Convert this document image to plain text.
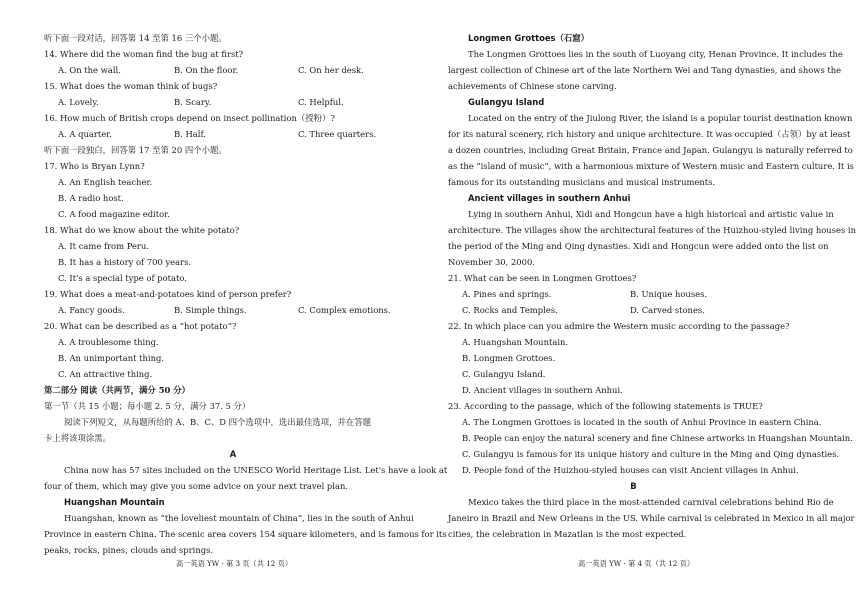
听下面一段对话，回答第 14 至第 16 三个小题。
14. Where did the woman find the bug at first?
A. On the wall.	B. On the floor.	C. On her desk.
15. What does the woman think of bugs?
A. Lovely.	B. Scary.	C. Helpful.
16. How much of British crops depend on insect pollination（授粉）?
A. A quarter.	B. Half.	C. Three quarters.
听下面一段独白，回答第 17 至第 20 四个小题。
17. Who is Bryan Lynn?
A. An English teacher.
B. A radio host.
C. A food magazine editor.
18. What do we know about the white potato?
A. It came from Peru.
B. It has a history of 700 years.
C. It's a special type of potato.
19. What does a meat-and-potatoes kind of person prefer?
A. Fancy goods.	B. Simple things.	C. Complex emotions.
20. What can be described as a “hot potato”?
A. A troublesome thing.
B. An unimportant thing.
C. An attractive thing.
第二部分 阅读（共两节，满分 50 分）
第一节（共 15 小题；每小题 2. 5 分，满分 37. 5 分）
阅读下列短文，从每题所给的 A、B、C、D 四个选项中，选出最佳选项，并在答题
卡上将该项涂黑。
A
China now has 57 sites included on the UNESCO World Heritage List. Let's have a look at
four of them, which may give you some advice on your next travel plan.
Huangshan Mountain
Huangshan, known as “the loveliest mountain of China”, lies in the south of Anhui
Province in eastern China. The scenic area covers 154 square kilometers, and is famous for its
peaks, rocks, pines, clouds and springs.
高一英语 YW · 第 3 页（共 12 页）
Longmen Grottoes（石窟）
The Longmen Grottoes lies in the south of Luoyang city, Henan Province. It includes the
largest collection of Chinese art of the late Northern Wei and Tang dynasties, and shows the
achievements of Chinese stone carving.
Gulangyu Island
Located on the entry of the Jiulong River, the island is a popular tourist destination known
for its natural scenery, rich history and unique architecture. It was occupied（占领）by at least
a dozen countries, including Great Britain, France and Japan. Gulangyu is naturally referred to
as the “island of music”, with a harmonious mixture of Western music and Eastern culture. It is
famous for its outstanding musicians and musical instruments.
Ancient villages in southern Anhui
Lying in southern Anhui, Xidi and Hongcun have a high historical and artistic value in
architecture. The villages show the architectural features of the Huizhou-styled living houses in
the period of the Ming and Qing dynasties. Xidi and Hongcun were added onto the list on
November 30, 2000.
21. What can be seen in Longmen Grottoes?
A. Pines and springs.	B. Unique houses.
C. Rocks and Temples.	D. Carved stones.
22. In which place can you admire the Western music according to the passage?
A. Huangshan Mountain.
B. Longmen Grottoes.
C. Gulangyu Island.
D. Ancient villages in southern Anhui.
23. According to the passage, which of the following statements is TRUE?
A. The Longmen Grottoes is located in the south of Anhui Province in eastern China.
B. People can enjoy the natural scenery and fine Chinese artworks in Huangshan Mountain.
C. Gulangyu is famous for its unique history and culture in the Ming and Qing dynasties.
D. People fond of the Huizhou-styled houses can visit Ancient villages in Anhui.
B
Mexico takes the third place in the most-attended carnival celebrations behind Rio de
Janeiro in Brazil and New Orleans in the US. While carnival is celebrated in Mexico in all major
cities, the celebration in Mazatlan is the most expected.
高一英语 YW · 第 4 页（共 12 页）
